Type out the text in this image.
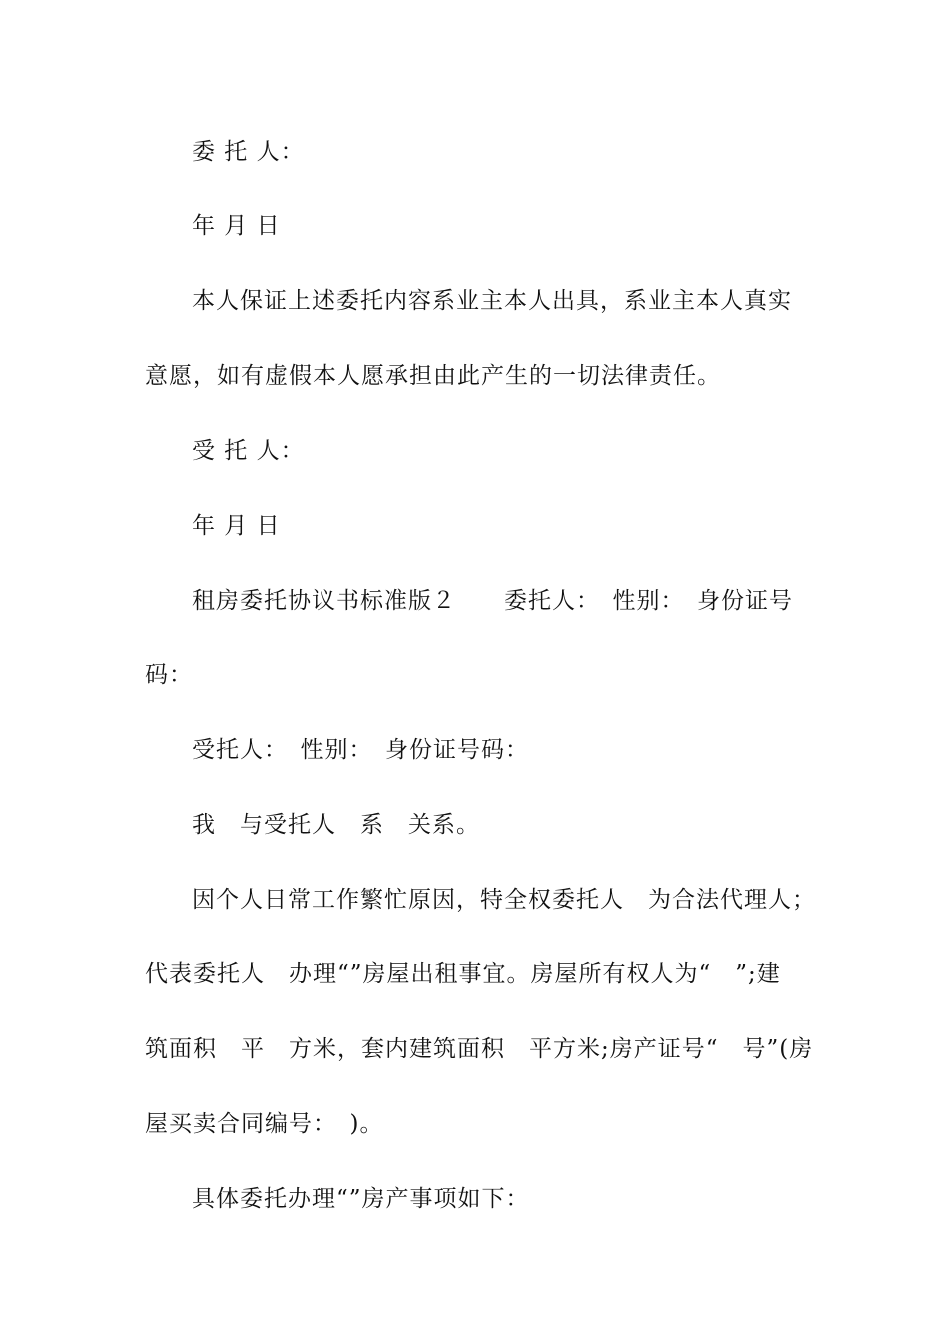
委 托 人：
年 月 日
本人保证上述委托内容系业主本人出具，系业主本人真实
意愿，如有虚假本人愿承担由此产生的一切法律责任。
受 托 人：
年 月 日
租房委托协议书标准版２　　委托人：　性别：　身份证号
码：
受托人：　性别：　身份证号码：
我　与受托人　系　关系。
因个人日常工作繁忙原因，特全权委托人　为合法代理人；
代表委托人　办理“”房屋出租事宜。房屋所有权人为“　”;建
筑面积　平　方米，套内建筑面积　平方米;房产证号“　号”(房
屋买卖合同编号：　)。
具体委托办理“”房产事项如下：
